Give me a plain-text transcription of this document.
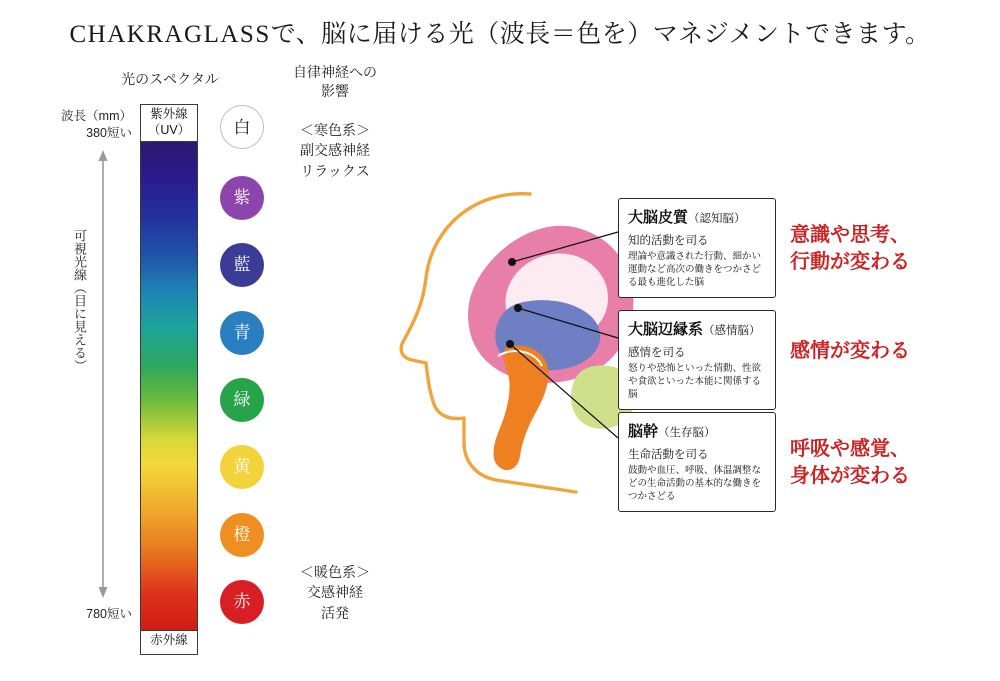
CHAKRAGLASSで、脳に届ける光（波長＝色を）マネジメントできます。
光のスペクタル
波長（mm）
380短い
780短い
可視光線（目に見える）
紫外線
（UV）
赤外線
白
紫
藍
青
緑
黄
橙
赤
自律神経への
影響
＜寒色系＞
副交感神経
リラックス
＜暖色系＞
交感神経
活発
大脳皮質（認知脳）
知的活動を司る
理論や意識された行動、細かい運動など高次の働きをつかさどる最も進化した脳
大脳辺縁系（感情脳）
感情を司る
怒りや恐怖といった情動、性欲や食欲といった本能に関係する脳
脳幹（生存脳）
生命活動を司る
鼓動や血圧、呼吸、体温調整などの生命活動の基本的な働きをつかさどる
意識や思考、
行動が変わる
感情が変わる
呼吸や感覚、
身体が変わる
